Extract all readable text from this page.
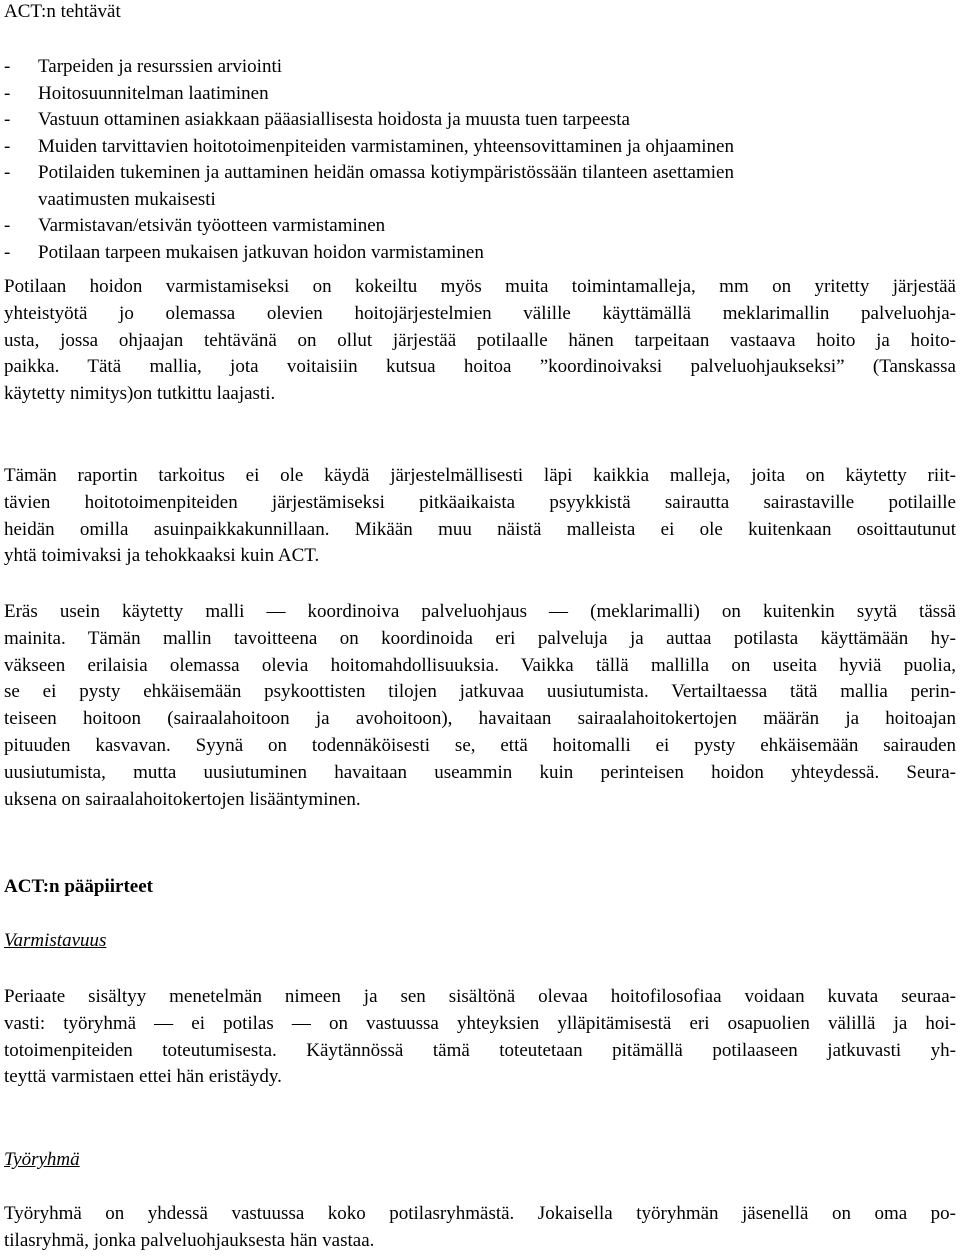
ACT:n tehtävät
- Tarpeiden ja resurssien arviointi
- Hoitosuunnitelman laatiminen
- Vastuun ottaminen asiakkaan pääasiallisesta hoidosta ja muusta tuen tarpeesta
- Muiden tarvittavien hoitotoimenpiteiden varmistaminen, yhteensovittaminen ja ohjaaminen
- Potilaiden tukeminen ja auttaminen heidän omassa kotiympäristössään tilanteen asettamien
vaatimusten mukaisesti
- Varmistavan/etsivän työotteen varmistaminen
- Potilaan tarpeen mukaisen jatkuvan hoidon varmistaminen
Potilaan hoidon varmistamiseksi on kokeiltu myös muita toimintamalleja, mm on yritetty järjestää
yhteistyötä jo olemassa olevien hoitojärjestelmien välille käyttämällä meklarimallin palveluohja-
usta, jossa ohjaajan tehtävänä on ollut järjestää potilaalle hänen tarpeitaan vastaava hoito ja hoito-
paikka. Tätä mallia, jota voitaisiin kutsua hoitoa ”koordinoivaksi palveluohjaukseksi” (Tanskassa
käytetty nimitys)on tutkittu laajasti.
Tämän raportin tarkoitus ei ole käydä järjestelmällisesti läpi kaikkia malleja, joita on käytetty riit-
tävien hoitotoimenpiteiden järjestämiseksi pitkäaikaista psyykkistä sairautta sairastaville potilaille
heidän omilla asuinpaikkakunnillaan. Mikään muu näistä malleista ei ole kuitenkaan osoittautunut
yhtä toimivaksi ja tehokkaaksi kuin ACT.
Eräs usein käytetty malli — koordinoiva palveluohjaus — (meklarimalli) on kuitenkin syytä tässä
mainita. Tämän mallin tavoitteena on koordinoida eri palveluja ja auttaa potilasta käyttämään hy-
väkseen erilaisia olemassa olevia hoitomahdollisuuksia. Vaikka tällä mallilla on useita hyviä puolia,
se ei pysty ehkäisemään psykoottisten tilojen jatkuvaa uusiutumista. Vertailtaessa tätä mallia perin-
teiseen hoitoon (sairaalahoitoon ja avohoitoon), havaitaan sairaalahoitokertojen määrän ja hoitoajan
pituuden kasvavan. Syynä on todennäköisesti se, että hoitomalli ei pysty ehkäisemään sairauden
uusiutumista, mutta uusiutuminen havaitaan useammin kuin perinteisen hoidon yhteydessä. Seura-
uksena on sairaalahoitokertojen lisääntyminen.
ACT:n pääpiirteet
Varmistavuus
Periaate sisältyy menetelmän nimeen ja sen sisältönä olevaa hoitofilosofiaa voidaan kuvata seuraa-
vasti: työryhmä — ei potilas — on vastuussa yhteyksien ylläpitämisestä eri osapuolien välillä ja hoi-
totoimenpiteiden toteutumisesta. Käytännössä tämä toteutetaan pitämällä potilaaseen jatkuvasti yh-
teyttä varmistaen ettei hän eristäydy.
Työryhmä
Työryhmä on yhdessä vastuussa koko potilasryhmästä. Jokaisella työryhmän jäsenellä on oma po-
tilasryhmä, jonka palveluohjauksesta hän vastaa.
